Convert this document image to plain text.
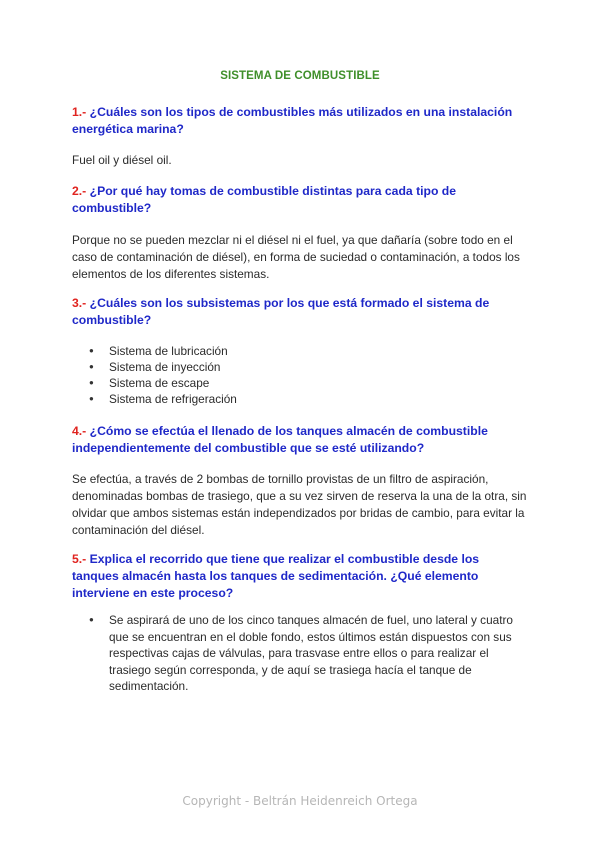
SISTEMA DE COMBUSTIBLE
1.- ¿Cuáles son los tipos de combustibles más utilizados en una instalación energética marina?
Fuel oil y diésel oil.
2.- ¿Por qué hay tomas de combustible distintas para cada tipo de combustible?
Porque no se pueden mezclar ni el diésel ni el fuel, ya que dañaría (sobre todo en el caso de contaminación de diésel), en forma de suciedad o contaminación, a todos los elementos de los diferentes sistemas.
3.- ¿Cuáles son los subsistemas por los que está formado el sistema de combustible?
● Sistema de lubricación
● Sistema de inyección
● Sistema de escape
● Sistema de refrigeración
4.- ¿Cómo se efectúa el llenado de los tanques almacén de combustible independientemente del combustible que se esté utilizando?
Se efectúa, a través de 2 bombas de tornillo provistas de un filtro de aspiración, denominadas bombas de trasiego, que a su vez sirven de reserva la una de la otra, sin olvidar que ambos sistemas están independizados por bridas de cambio, para evitar la contaminación del diésel.
5.- Explica el recorrido que tiene que realizar el combustible desde los tanques almacén hasta los tanques de sedimentación. ¿Qué elemento interviene en este proceso?
● Se aspirará de uno de los cinco tanques almacén de fuel, uno lateral y cuatro que se encuentran en el doble fondo, estos últimos están dispuestos con sus respectivas cajas de válvulas, para trasvase entre ellos o para realizar el trasiego según corresponda, y de aquí se trasiega hacía el tanque de sedimentación.
Copyright - Beltrán Heidenreich Ortega
